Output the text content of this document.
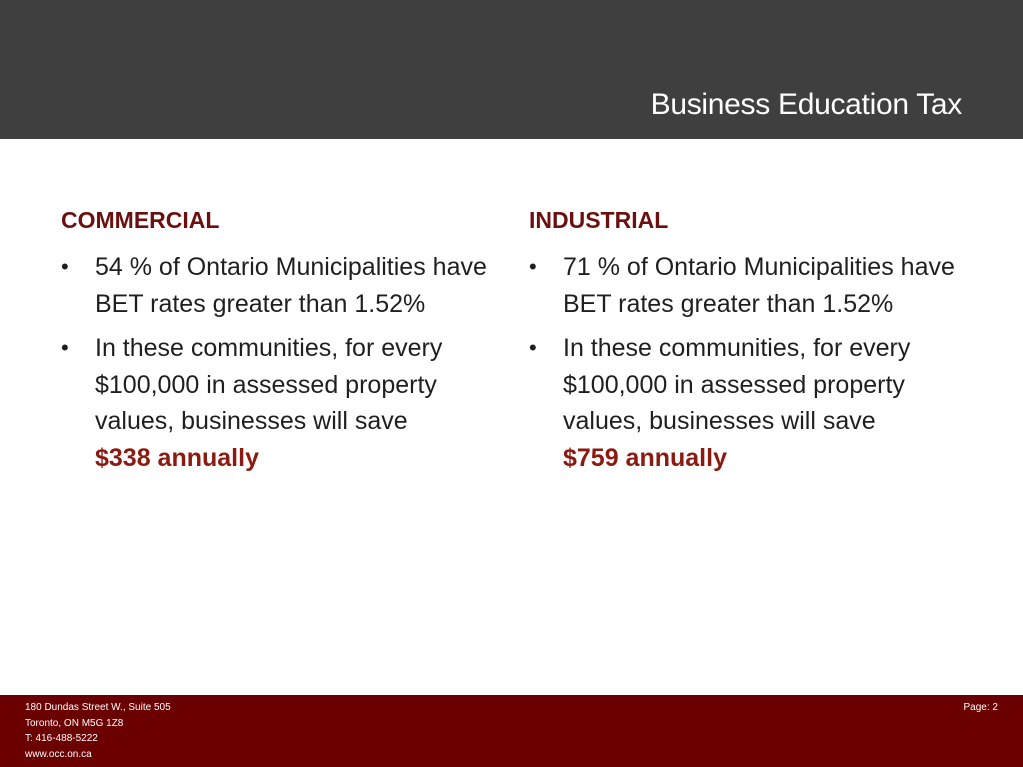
Business Education Tax
COMMERCIAL
• 54 % of Ontario Municipalities have BET rates greater than 1.52%
• In these communities, for every $100,000 in assessed property values, businesses will save
$338 annually
INDUSTRIAL
• 71 % of Ontario Municipalities have BET rates greater than 1.52%
• In these communities, for every $100,000 in assessed property values, businesses will save
$759 annually
180 Dundas Street W., Suite 505
Toronto, ON M5G 1Z8
T: 416-488-5222
www.occ.on.ca
Page: 2
